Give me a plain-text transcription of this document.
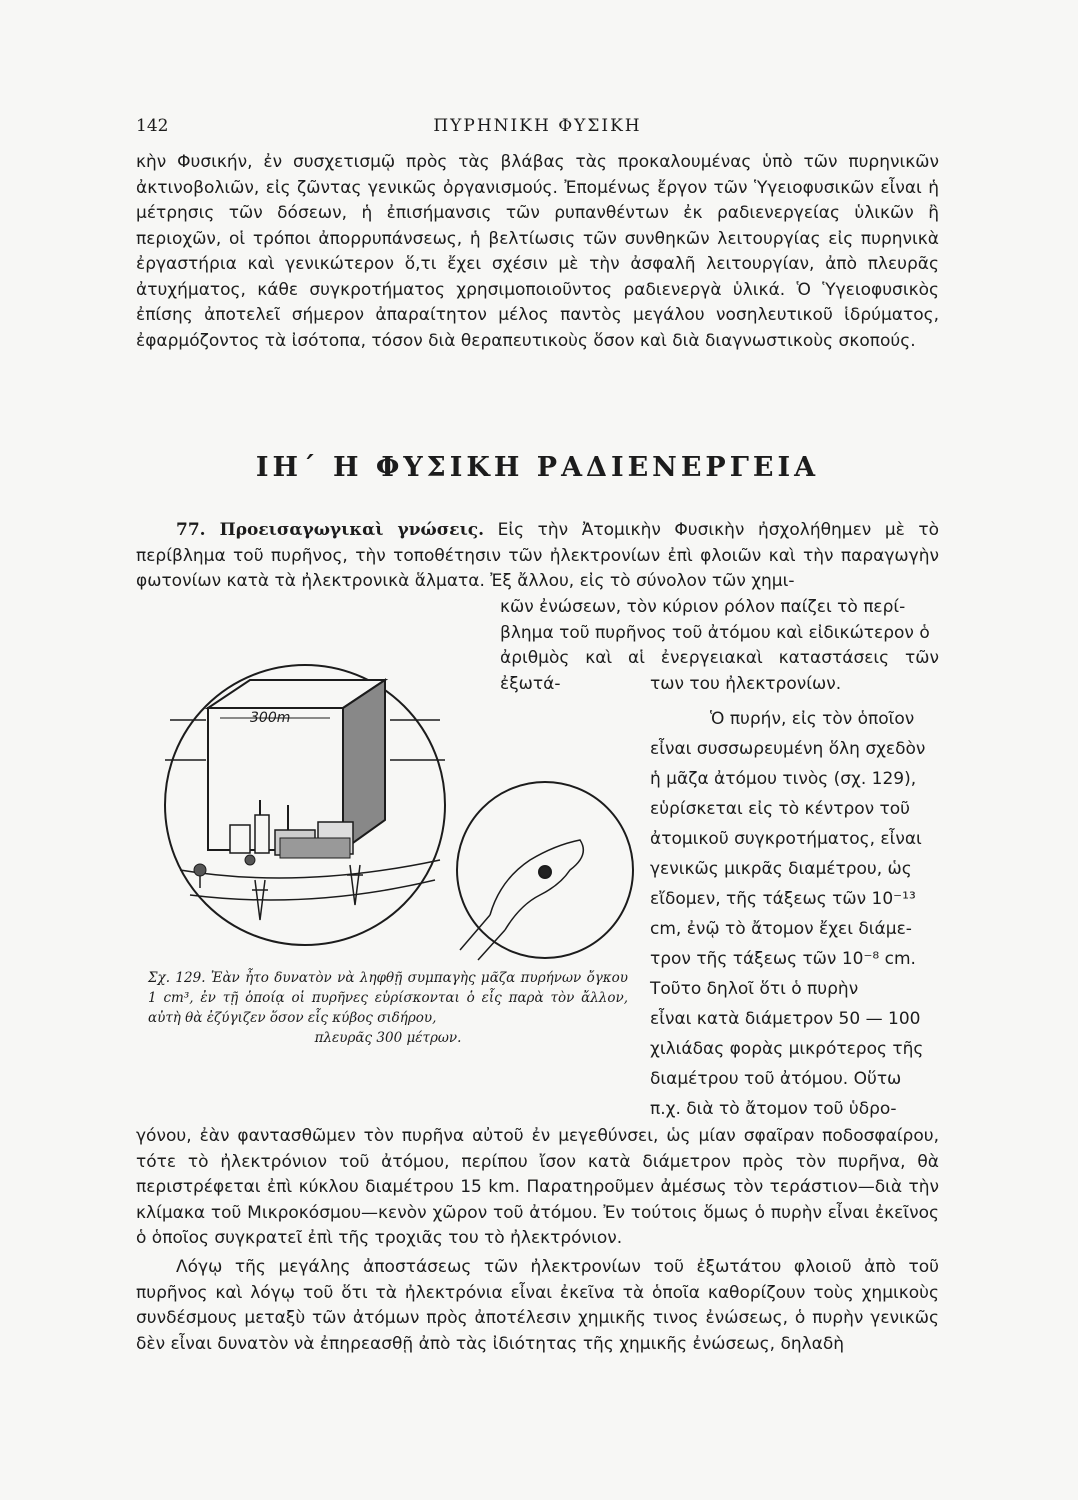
142	ΠΥΡΗΝΙΚΗ ΦΥΣΙΚΗ

κὴν Φυσικήν, ἐν συσχετισμῷ πρὸς τὰς βλάβας τὰς προκαλουμένας ὑπὸ τῶν πυρηνικῶν ἀκτινοβολιῶν, εἰς ζῶντας γενικῶς ὀργανισμούς. Ἐπομένως ἔργον τῶν Ὑγειοφυσικῶν εἶναι ἡ μέτρησις τῶν δόσεων, ἡ ἐπισήμανσις τῶν ρυπανθέντων ἐκ ραδιενεργείας ὑλικῶν ἢ περιοχῶν, οἱ τρόποι ἀπορρυπάνσεως, ἡ βελτίωσις τῶν συνθηκῶν λειτουργίας εἰς πυρηνικὰ ἐργαστήρια καὶ γενικώτερον ὅ,τι ἔχει σχέσιν μὲ τὴν ἀσφαλῆ λειτουργίαν, ἀπὸ πλευρᾶς ἀτυχήματος, κάθε συγκροτήματος χρησιμοποιοῦντος ραδιενεργὰ ὑλικά. Ὁ Ὑγειοφυσικὸς ἐπίσης ἀποτελεῖ σήμερον ἀπαραίτητον μέλος παντὸς μεγάλου νοσηλευτικοῦ ἱδρύματος, ἐφαρμόζοντος τὰ ἰσότοπα, τόσον διὰ θεραπευτικοὺς ὅσον καὶ διὰ διαγνωστικοὺς σκοπούς.

ΙΗ΄ Η ΦΥΣΙΚΗ ΡΑΔΙΕΝΕΡΓΕΙΑ

77. Προεισαγωγικαὶ γνώσεις. Εἰς τὴν Ἀτομικὴν Φυσικὴν ἠσχολήθημεν μὲ τὸ περίβλημα τοῦ πυρῆνος, τὴν τοποθέτησιν τῶν ἠλεκτρονίων ἐπὶ φλοιῶν καὶ τὴν παραγωγὴν φωτονίων κατὰ τὰ ἠλεκτρονικὰ ἅλματα. Ἐξ ἄλλου, εἰς τὸ σύνολον τῶν χημι-

κῶν ἐνώσεων, τὸν κύριον ρόλον παίζει τὸ περί-
βλημα τοῦ πυρῆνος τοῦ ἀτόμου καὶ εἰδικώτερον ὁ
ἀριθμὸς καὶ αἱ ἐνεργειακαὶ καταστάσεις τῶν ἐξωτά-	των του ἠλεκτρονίων.
Ὁ πυρήν, εἰς τὸν ὁποῖον
εἶναι συσσωρευμένη ὅλη σχεδὸν
ἡ μᾶζα ἀτόμου τινὸς (σχ. 129),
εὑρίσκεται εἰς τὸ κέντρον τοῦ
ἀτομικοῦ συγκροτήματος, εἶναι
γενικῶς μικρᾶς διαμέτρου, ὡς
εἴδομεν, τῆς τάξεως τῶν 10⁻¹³
cm, ἐνῷ τὸ ἄτομον ἔχει διάμε-
τρον τῆς τάξεως τῶν 10⁻⁸ cm.
Τοῦτο δηλοῖ ὅτι ὁ πυρὴν
εἶναι κατὰ διάμετρον 50 — 100
χιλιάδας φορὰς μικρότερος τῆς
διαμέτρου τοῦ ἀτόμου. Οὕτω
π.χ. διὰ τὸ ἄτομον τοῦ ὑδρο-
300m
Σχ. 129. Ἐὰν ἦτο δυνατὸν νὰ ληφθῇ συμπαγὴς μᾶζα πυρήνων ὄγκου 1 cm³, ἐν τῇ ὁποίᾳ οἱ πυρῆνες εὑρίσκονται ὁ εἷς παρὰ τὸν ἄλλον, αὐτὴ θὰ ἐζύγιζεν ὅσον εἷς κύβος σιδήρου,
πλευρᾶς 300 μέτρων.

γόνου, ἐὰν φαντασθῶμεν τὸν πυρῆνα αὐτοῦ ἐν μεγεθύνσει, ὡς μίαν σφαῖραν ποδοσφαίρου, τότε τὸ ἠλεκτρόνιον τοῦ ἀτόμου, περίπου ἴσον κατὰ διάμετρον πρὸς τὸν πυρῆνα, θὰ περιστρέφεται ἐπὶ κύκλου διαμέτρου 15 km. Παρατηροῦμεν ἀμέσως τὸν τεράστιον—διὰ τὴν κλίμακα τοῦ Μικροκόσμου—κενὸν χῶρον τοῦ ἀτόμου. Ἐν τούτοις ὅμως ὁ πυρὴν εἶναι ἐκεῖνος ὁ ὁποῖος συγκρατεῖ ἐπὶ τῆς τροχιᾶς του τὸ ἠλεκτρόνιον.

Λόγῳ τῆς μεγάλης ἀποστάσεως τῶν ἠλεκτρονίων τοῦ ἐξωτάτου φλοιοῦ ἀπὸ τοῦ πυρῆνος καὶ λόγῳ τοῦ ὅτι τὰ ἠλεκτρόνια εἶναι ἐκεῖνα τὰ ὁποῖα καθορίζουν τοὺς χημικοὺς συνδέσμους μεταξὺ τῶν ἀτόμων πρὸς ἀποτέλεσιν χημικῆς τινος ἐνώσεως, ὁ πυρὴν γενικῶς δὲν εἶναι δυνατὸν νὰ ἐπηρεασθῇ ἀπὸ τὰς ἰδιότητας τῆς χημικῆς ἐνώσεως, δηλαδὴ
